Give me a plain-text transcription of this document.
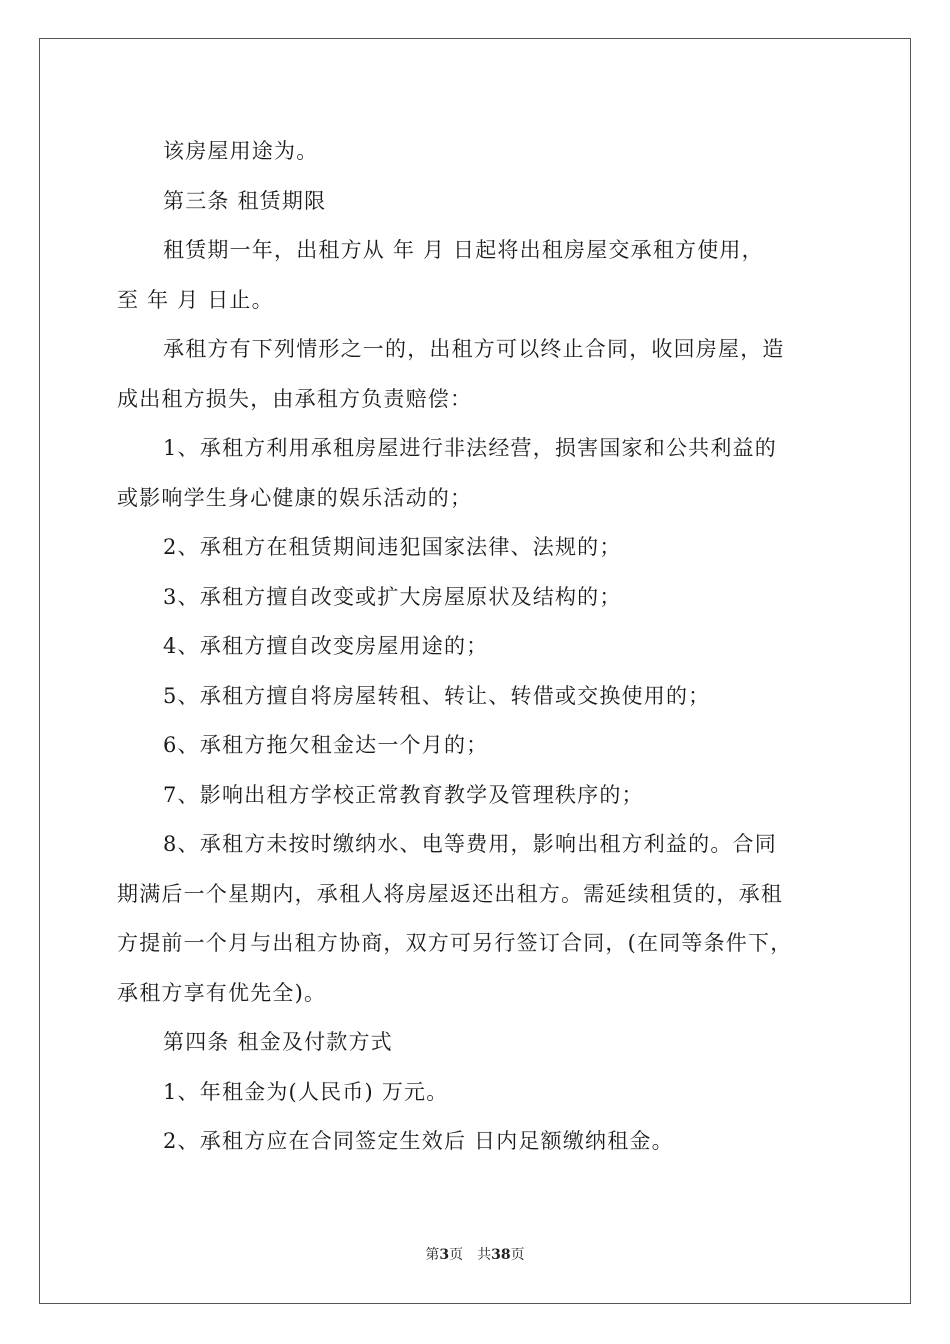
该房屋用途为。
第三条 租赁期限
租赁期一年，出租方从 年 月 日起将出租房屋交承租方使用，
至 年 月 日止。
承租方有下列情形之一的，出租方可以终止合同，收回房屋，造
成出租方损失，由承租方负责赔偿：
1、承租方利用承租房屋进行非法经营，损害国家和公共利益的
或影响学生身心健康的娱乐活动的；
2、承租方在租赁期间违犯国家法律、法规的；
3、承租方擅自改变或扩大房屋原状及结构的；
4、承租方擅自改变房屋用途的；
5、承租方擅自将房屋转租、转让、转借或交换使用的；
6、承租方拖欠租金达一个月的；
7、影响出租方学校正常教育教学及管理秩序的；
8、承租方未按时缴纳水、电等费用，影响出租方利益的。合同
期满后一个星期内，承租人将房屋返还出租方。需延续租赁的，承租
方提前一个月与出租方协商，双方可另行签订合同，(在同等条件下，
承租方享有优先全)。
第四条 租金及付款方式
1、年租金为(人民币) 万元。
2、承租方应在合同签定生效后 日内足额缴纳租金。
第3页 共38页
